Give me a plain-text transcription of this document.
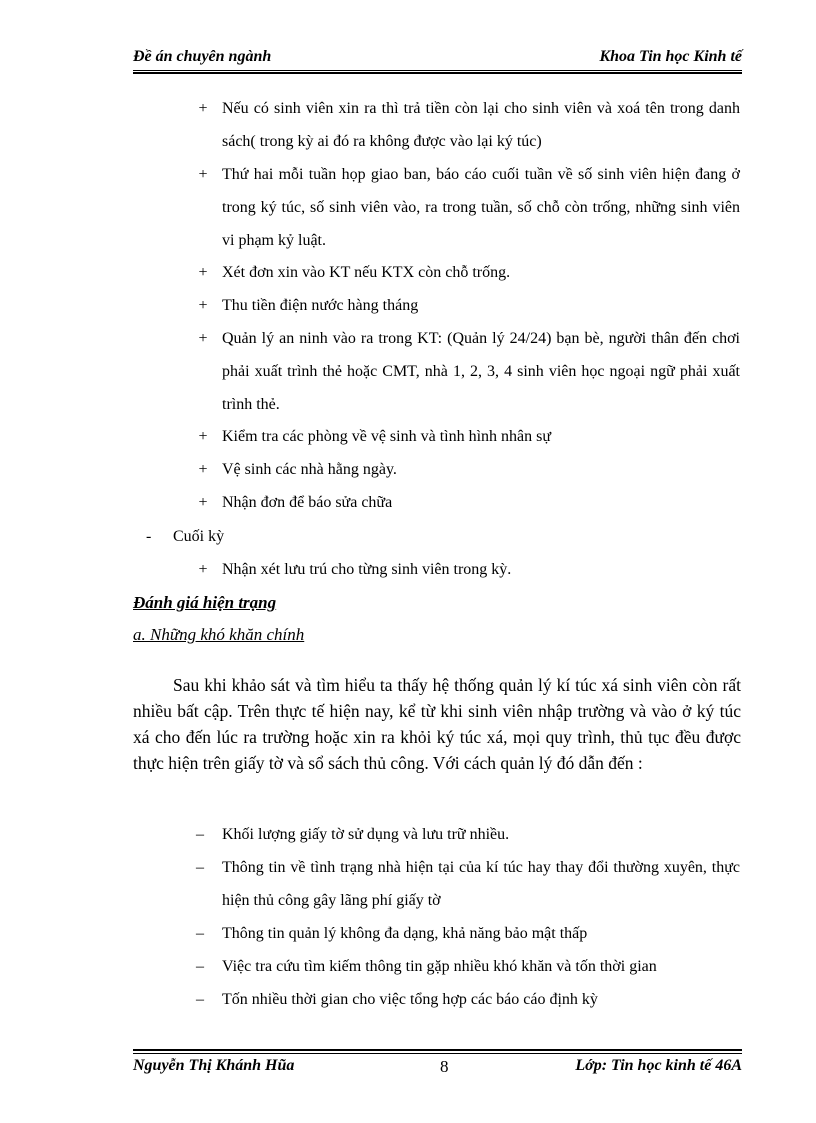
Đề án chuyên ngành	Khoa Tin học Kinh tế
+ Nếu có sinh viên xin ra thì trả tiền còn lại cho sinh viên và xoá tên trong danh sách( trong kỳ ai đó ra không được vào lại ký túc)
+ Thứ hai mỗi tuần họp giao ban, báo cáo cuối tuần về số sinh viên hiện đang ở trong ký túc, số sinh viên vào, ra trong tuần, số chỗ còn trống, những sinh viên vi phạm kỷ luật.
+ Xét đơn xin vào KT nếu KTX còn chỗ trống.
+ Thu tiền điện nước hàng tháng
+ Quản lý an ninh vào ra trong KT: (Quản lý 24/24) bạn bè, người thân đến chơi phải xuất trình thẻ hoặc CMT, nhà 1, 2, 3, 4 sinh viên học ngoại ngữ phải xuất trình thẻ.
+ Kiểm tra các phòng về vệ sinh và tình hình nhân sự
+ Vệ sinh các nhà hằng ngày.
+ Nhận đơn để báo sửa chữa
- Cuối kỳ
+ Nhận xét lưu trú cho từng sinh viên trong kỳ.
Đánh giá hiện trạng
a. Những khó khăn chính
Sau khi khảo sát và tìm hiểu ta thấy hệ thống quản lý kí túc xá sinh viên còn rất nhiều bất cập. Trên thực tế hiện nay, kể từ khi sinh viên nhập trường và vào ở ký túc xá cho đến lúc ra trường hoặc xin ra khỏi ký túc xá, mọi quy trình, thủ tục đều được thực hiện trên giấy tờ và sổ sách thủ công. Với cách quản lý đó dẫn đến :
– Khối lượng giấy tờ sử dụng và lưu trữ nhiều.
– Thông tin về tình trạng nhà hiện tại của kí túc hay thay đổi thường xuyên, thực hiện thủ công gây lãng phí giấy tờ
– Thông tin quản lý không đa dạng, khả năng bảo mật thấp
– Việc tra cứu tìm kiếm thông tin gặp nhiều khó khăn và tốn thời gian
– Tốn nhiều thời gian cho việc tổng hợp các báo cáo định kỳ
Nguyễn Thị Khánh Hũa	8	Lớp: Tin học kinh tế 46A
